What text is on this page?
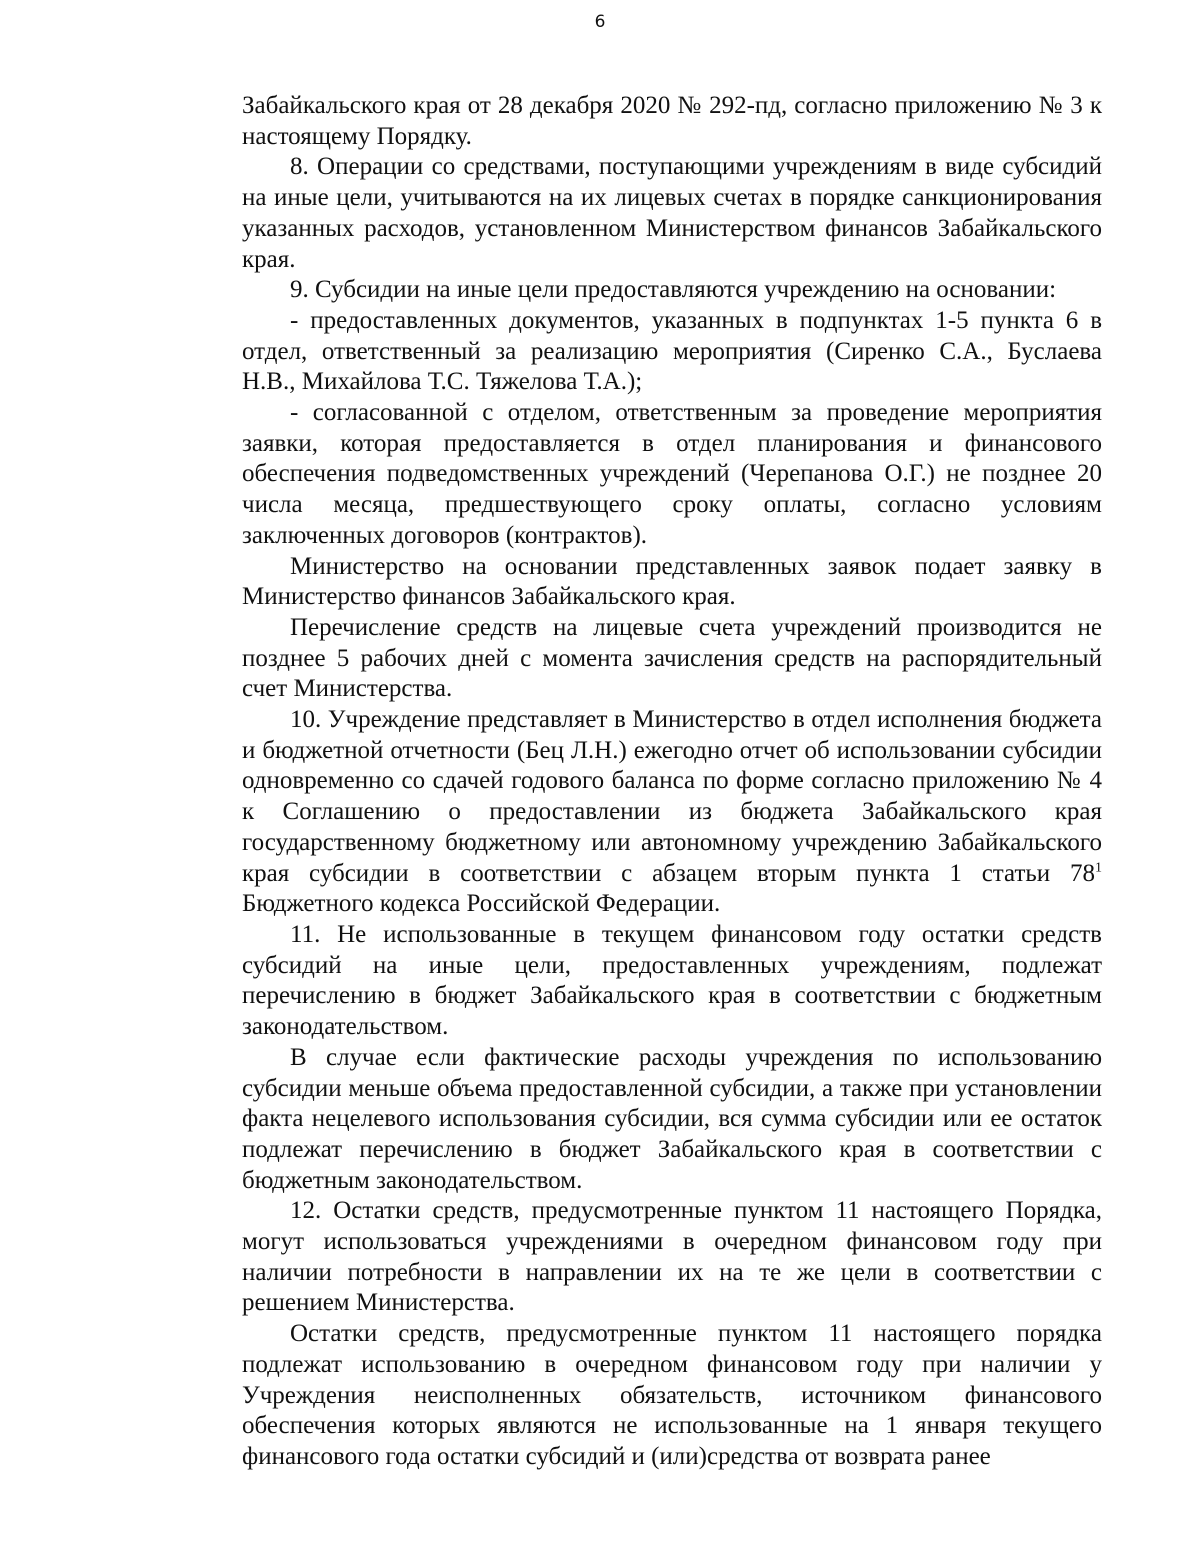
6

Забайкальского края от 28 декабря 2020 № 292-пд, согласно приложению № 3 к настоящему Порядку.

8. Операции со средствами, поступающими учреждениям в виде субсидий на иные цели, учитываются на их лицевых счетах в порядке санкционирования указанных расходов, установленном Министерством финансов Забайкальского края.

9. Субсидии на иные цели предоставляются учреждению на основании:

- предоставленных документов, указанных в подпунктах 1-5 пункта 6 в отдел, ответственный за реализацию мероприятия (Сиренко С.А., Буслаева Н.В., Михайлова Т.С. Тяжелова Т.А.);

- согласованной с отделом, ответственным за проведение мероприятия заявки, которая предоставляется в отдел планирования и финансового обеспечения подведомственных учреждений (Черепанова О.Г.) не позднее 20 числа месяца, предшествующего сроку оплаты, согласно условиям заключенных договоров (контрактов).

Министерство на основании представленных заявок подает заявку в Министерство финансов Забайкальского края.

Перечисление средств на лицевые счета учреждений производится не позднее 5 рабочих дней с момента зачисления средств на распорядительный счет Министерства.

10. Учреждение представляет в Министерство в отдел исполнения бюджета и бюджетной отчетности (Бец Л.Н.) ежегодно отчет об использовании субсидии одновременно со сдачей годового баланса по форме согласно приложению № 4 к Соглашению о предоставлении из бюджета Забайкальского края государственному бюджетному или автономному учреждению Забайкальского края субсидии в соответствии с абзацем вторым пункта 1 статьи $78^1$ Бюджетного кодекса Российской Федерации.

11. Не использованные в текущем финансовом году остатки средств субсидий на иные цели, предоставленных учреждениям, подлежат перечислению в бюджет Забайкальского края в соответствии с бюджетным законодательством.

В случае если фактические расходы учреждения по использованию субсидии меньше объема предоставленной субсидии, а также при установлении факта нецелевого использования субсидии, вся сумма субсидии или ее остаток подлежат перечислению в бюджет Забайкальского края в соответствии с бюджетным законодательством.

12. Остатки средств, предусмотренные пунктом 11 настоящего Порядка, могут использоваться учреждениями в очередном финансовом году при наличии потребности в направлении их на те же цели в соответствии с решением Министерства.

Остатки средств, предусмотренные пунктом 11 настоящего порядка подлежат использованию в очередном финансовом году при наличии у Учреждения неисполненных обязательств, источником финансового обеспечения которых являются не использованные на 1 января текущего финансового года остатки субсидий и (или)средства от возврата ранее
